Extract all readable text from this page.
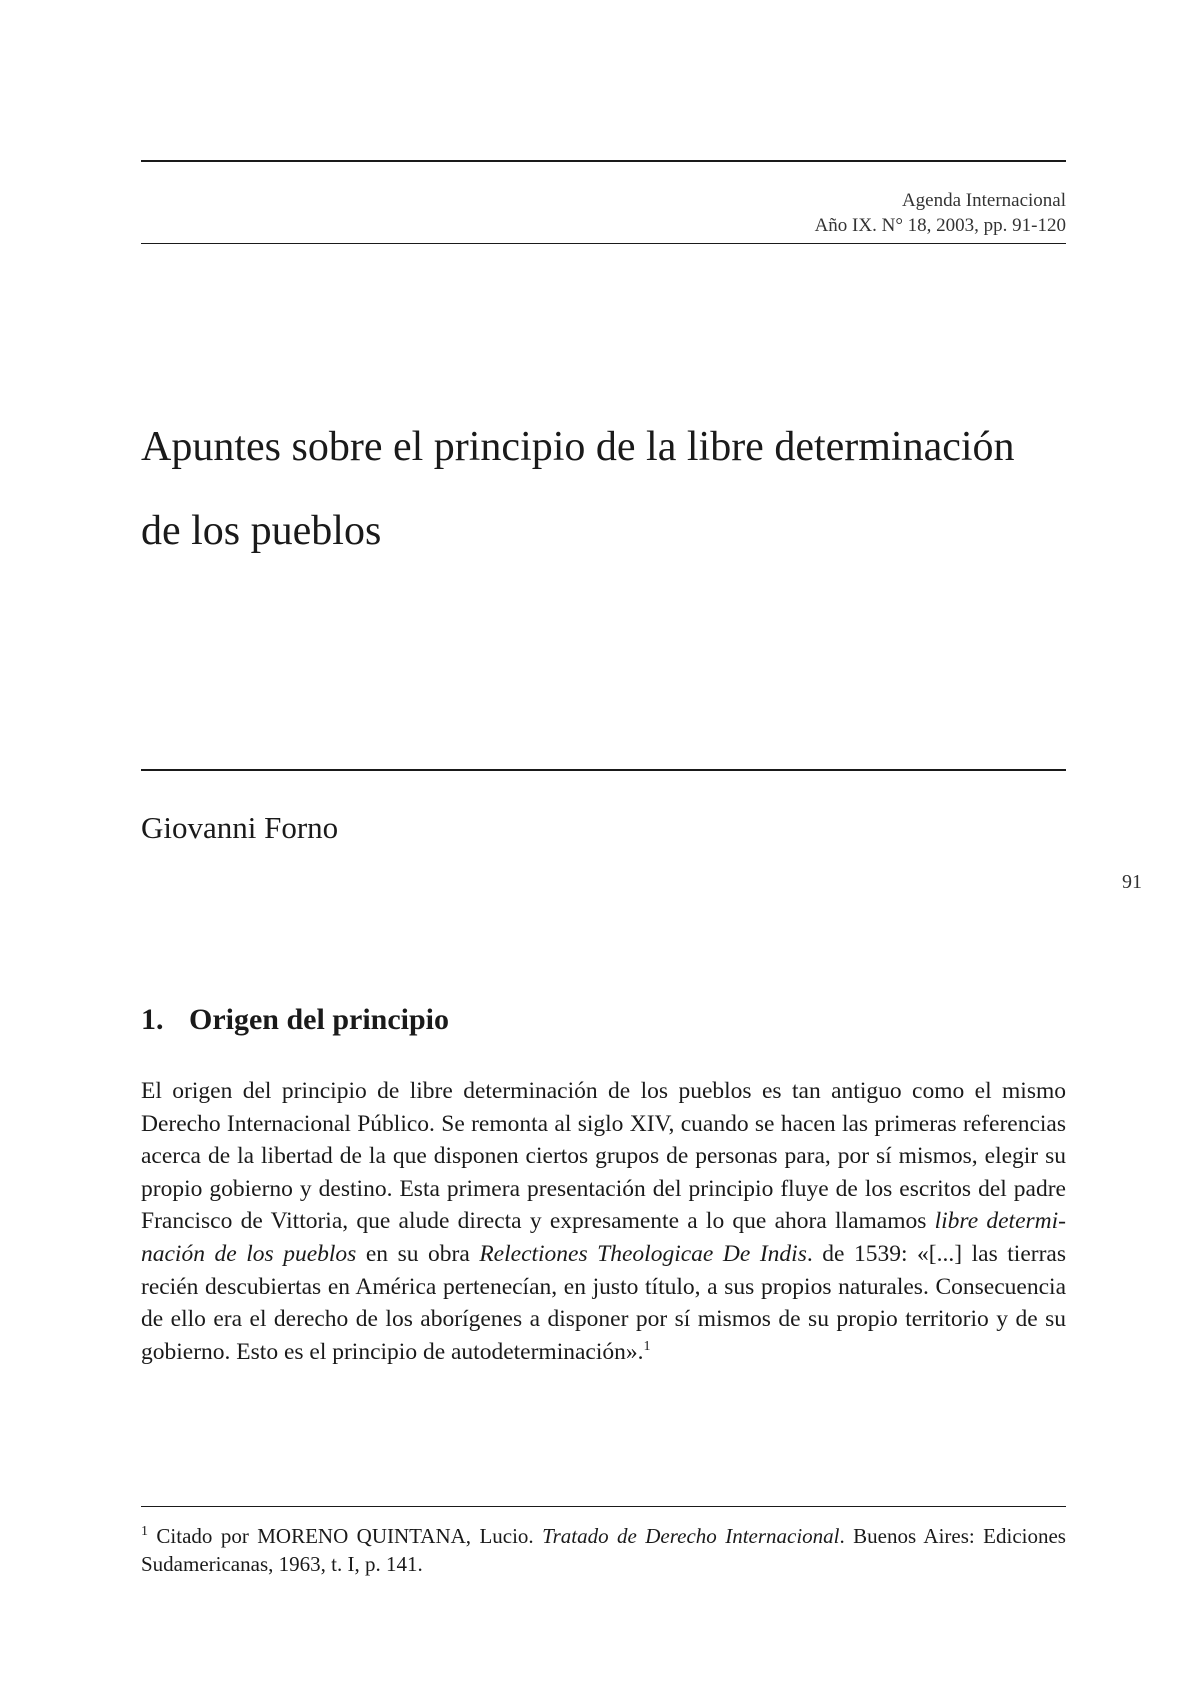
Agenda Internacional
Año IX. N° 18, 2003, pp. 91-120
Apuntes sobre el principio de la libre determinación
de los pueblos
Giovanni Forno
91
1. Origen del principio

El origen del principio de libre determinación de los pueblos es tan antiguo como el mismo Derecho Internacional Público. Se remonta al siglo XIV, cuando se hacen las primeras referencias acerca de la libertad de la que disponen ciertos grupos de personas para, por sí mismos, elegir su propio gobierno y destino. Esta primera presentación del principio fluye de los escritos del padre Francisco de Vittoria, que alude directa y expresamente a lo que ahora llamamos libre determinación de los pueblos en su obra Relectiones Theologicae De Indis. de 1539: «[...] las tierras recién descubiertas en América pertenecían, en justo título, a sus propios naturales. Consecuencia de ello era el derecho de los aborígenes a disponer por sí mismos de su propio territorio y de su gobierno. Esto es el principio de autodeterminación».$^1$

$^1$ Citado por MORENO QUINTANA, Lucio. Tratado de Derecho Internacional. Buenos Aires: Ediciones Sudamericanas, 1963, t. I, p. 141.
